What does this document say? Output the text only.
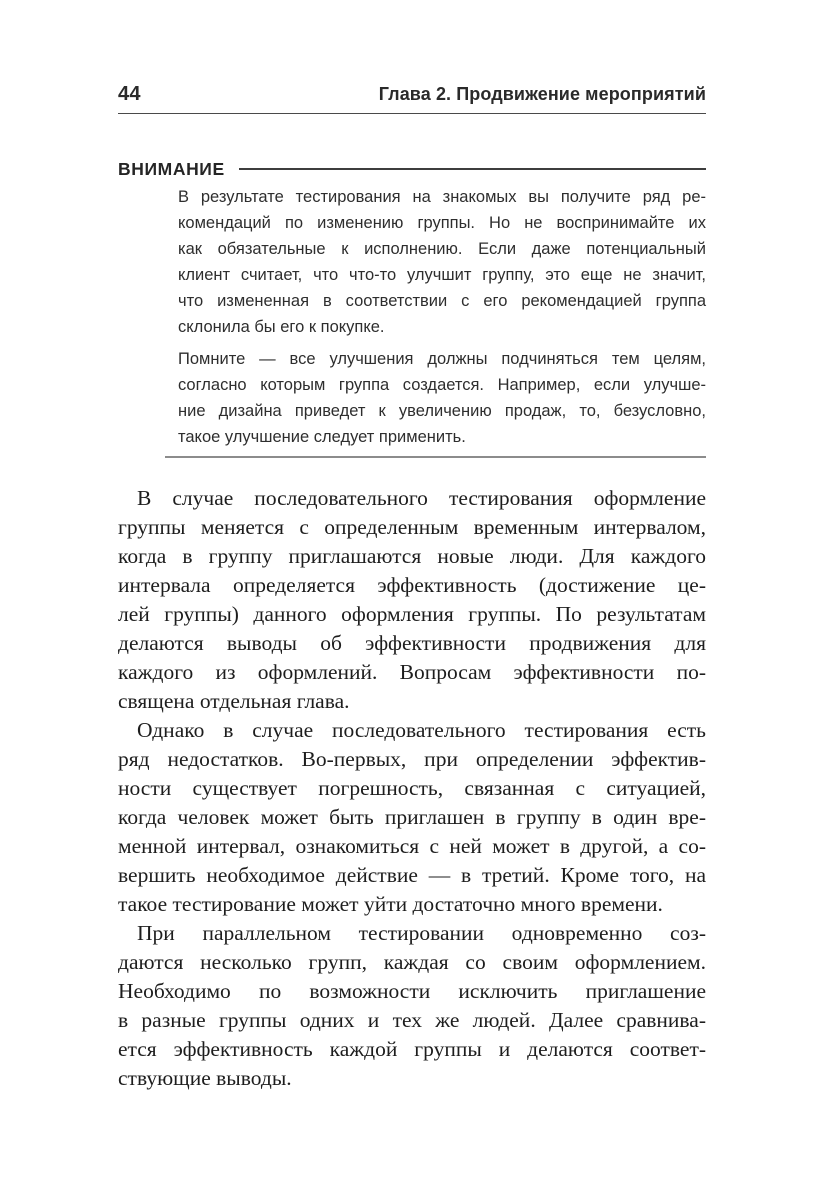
44	Глава 2. Продвижение мероприятий
ВНИМАНИЕ
В результате тестирования на знакомых вы получите ряд ре-
комендаций по изменению группы. Но не воспринимайте их
как обязательные к исполнению. Если даже потенциальный
клиент считает, что что-то улучшит группу, это еще не значит,
что измененная в соответствии с его рекомендацией группа
склонила бы его к покупке.
Помните — все улучшения должны подчиняться тем целям,
согласно которым группа создается. Например, если улучше-
ние дизайна приведет к увеличению продаж, то, безусловно,
такое улучшение следует применить.
В случае последовательного тестирования оформление
группы меняется с определенным временным интервалом,
когда в группу приглашаются новые люди. Для каждого
интервала определяется эффективность (достижение це-
лей группы) данного оформления группы. По результатам
делаются выводы об эффективности продвижения для
каждого из оформлений. Вопросам эффективности по-
священа отдельная глава.
Однако в случае последовательного тестирования есть
ряд недостатков. Во-первых, при определении эффектив-
ности существует погрешность, связанная с ситуацией,
когда человек может быть приглашен в группу в один вре-
менной интервал, ознакомиться с ней может в другой, а со-
вершить необходимое действие — в третий. Кроме того, на
такое тестирование может уйти достаточно много времени.
При параллельном тестировании одновременно соз-
даются несколько групп, каждая со своим оформлением.
Необходимо по возможности исключить приглашение
в разные группы одних и тех же людей. Далее сравнива-
ется эффективность каждой группы и делаются соответ-
ствующие выводы.
